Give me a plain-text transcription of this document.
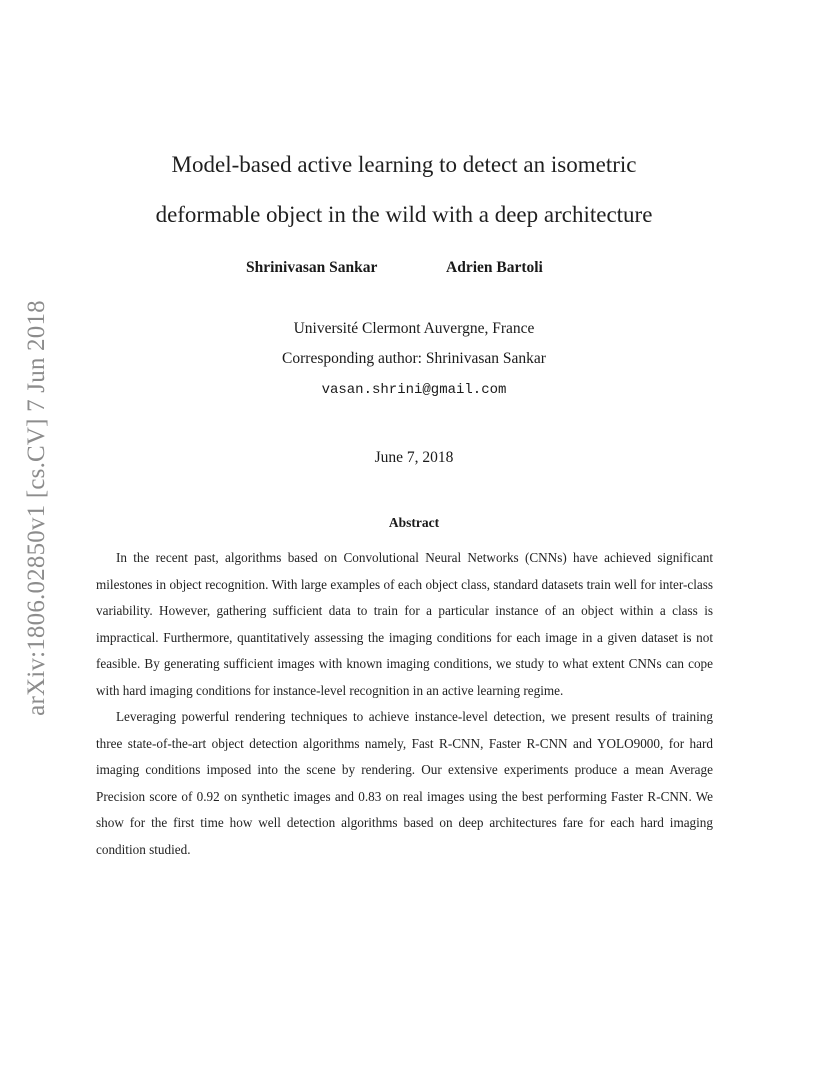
arXiv:1806.02850v1 [cs.CV] 7 Jun 2018
Model-based active learning to detect an isometric
deformable object in the wild with a deep architecture
Shrinivasan Sankar	Adrien Bartoli
Université Clermont Auvergne, France
Corresponding author: Shrinivasan Sankar
vasan.shrini@gmail.com
June 7, 2018
Abstract

In the recent past, algorithms based on Convolutional Neural Networks (CNNs) have achieved significant milestones in object recognition. With large examples of each object class, standard datasets train well for inter-class variability. However, gathering sufficient data to train for a particular instance of an object within a class is impractical. Furthermore, quantitatively assessing the imaging conditions for each image in a given dataset is not feasible. By generating sufficient images with known imaging conditions, we study to what extent CNNs can cope with hard imaging conditions for instance-level recognition in an active learning regime.

Leveraging powerful rendering techniques to achieve instance-level detection, we present results of training three state-of-the-art object detection algorithms namely, Fast R-CNN, Faster R-CNN and YOLO9000, for hard imaging conditions imposed into the scene by rendering. Our extensive experiments produce a mean Average Precision score of 0.92 on synthetic images and 0.83 on real images using the best performing Faster R-CNN. We show for the first time how well detection algorithms based on deep architectures fare for each hard imaging condition studied.
